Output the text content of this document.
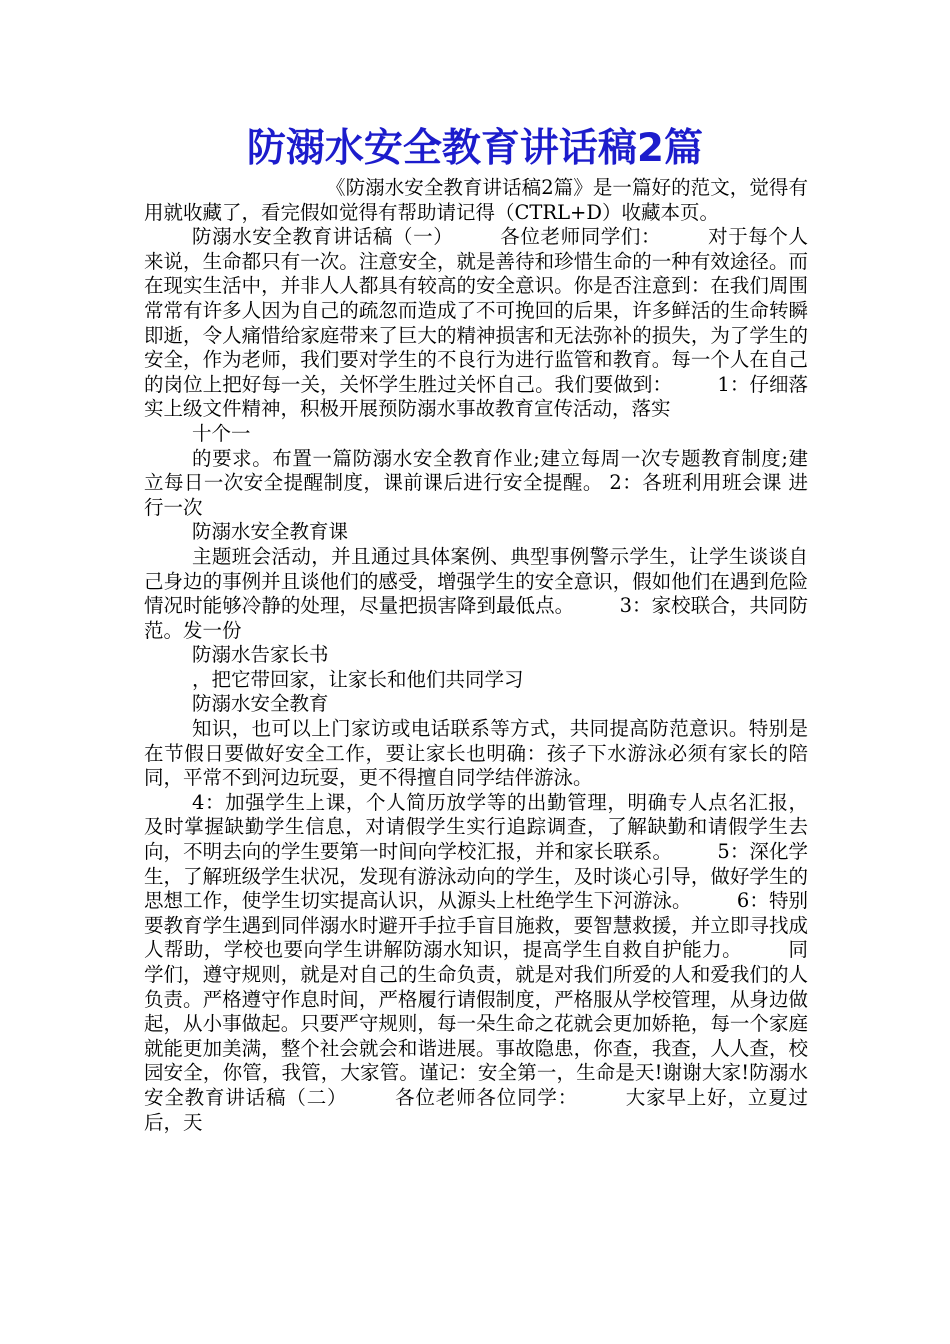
防溺水安全教育讲话稿2篇

《防溺水安全教育讲话稿2篇》是一篇好的范文，觉得有用就收藏了，看完假如觉得有帮助请记得（CTRL+D）收藏本页。

防溺水安全教育讲话稿（一） 　　各位老师同学们： 　　对于每个人来说，生命都只有一次。注意安全，就是善待和珍惜生命的一种有效途径。而在现实生活中，并非人人都具有较高的安全意识。你是否注意到：在我们周围常常有许多人因为自己的疏忽而造成了不可挽回的后果，许多鲜活的生命转瞬即逝，令人痛惜给家庭带来了巨大的精神损害和无法弥补的损失，为了学生的安全，作为老师，我们要对学生的不良行为进行监管和教育。每一个人在自己的岗位上把好每一关，关怀学生胜过关怀自己。我们要做到： 　　1：仔细落实上级文件精神，积极开展预防溺水事故教育宣传活动，落实

十个一

的要求。布置一篇防溺水安全教育作业;建立每周一次专题教育制度;建立每日一次安全提醒制度，课前课后进行安全提醒。 2：各班利用班会课 进行一次

防溺水安全教育课

主题班会活动，并且通过具体案例、典型事例警示学生，让学生谈谈自己身边的事例并且谈他们的感受，增强学生的安全意识，假如他们在遇到危险情况时能够冷静的处理，尽量把损害降到最低点。 　　3：家校联合，共同防范。发一份

防溺水告家长书

，把它带回家，让家长和他们共同学习

防溺水安全教育

知识，也可以上门家访或电话联系等方式，共同提高防范意识。特别是在节假日要做好安全工作，要让家长也明确：孩子下水游泳必须有家长的陪同，平常不到河边玩耍，更不得擅自同学结伴游泳。

4：加强学生上课，个人简历放学等的出勤管理，明确专人点名汇报，及时掌握缺勤学生信息，对请假学生实行追踪调查，了解缺勤和请假学生去向，不明去向的学生要第一时间向学校汇报，并和家长联系。 　　5：深化学生，了解班级学生状况，发现有游泳动向的学生，及时谈心引导，做好学生的思想工作，使学生切实提高认识，从源头上杜绝学生下河游泳。 　　6：特别要教育学生遇到同伴溺水时避开手拉手盲目施救，要智慧救援，并立即寻找成人帮助，学校也要向学生讲解防溺水知识，提高学生自救自护能力。 　　同学们，遵守规则，就是对自己的生命负责，就是对我们所爱的人和爱我们的人负责。严格遵守作息时间，严格履行请假制度，严格服从学校管理，从身边做起，从小事做起。只要严守规则，每一朵生命之花就会更加娇艳，每一个家庭就能更加美满，整个社会就会和谐进展。事故隐患，你查，我查，人人查，校园安全，你管，我管，大家管。谨记：安全第一，生命是天!谢谢大家!防溺水安全教育讲话稿（二） 　　各位老师各位同学： 　　大家早上好，立夏过后，天
